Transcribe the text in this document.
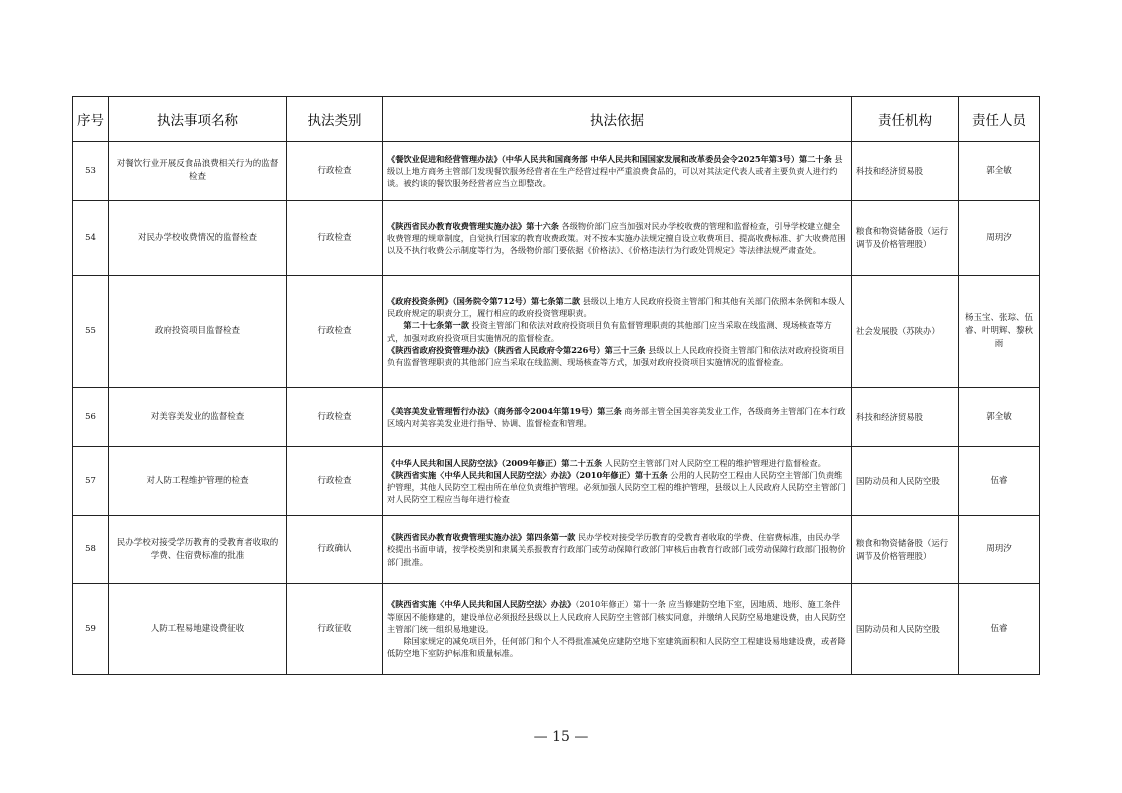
序号	执法事项名称	执法类别	执法依据	责任机构	责任人员
53	对餐饮行业开展反食品浪费相关行为的监督检查	行政检查	《餐饮业促进和经营管理办法》（中华人民共和国商务部 中华人民共和国国家发展和改革委员会令2025年第3号）第二十条 县级以上地方商务主管部门发现餐饮服务经营者在生产经营过程中严重浪费食品的，可以对其法定代表人或者主要负责人进行约谈。被约谈的餐饮服务经营者应当立即整改。	科技和经济贸易股	郭全敏
54	对民办学校收费情况的监督检查	行政检查	《陕西省民办教育收费管理实施办法》第十六条 各级物价部门应当加强对民办学校收费的管理和监督检查，引导学校建立健全收费管理的规章制度，自觉执行国家的教育收费政策。对不按本实施办法规定擅自设立收费项目、提高收费标准、扩大收费范围以及不执行收费公示制度等行为，各级物价部门要依据《价格法》、《价格违法行为行政处罚规定》等法律法规严肃查处。	粮食和物资储备股（运行调节及价格管理股）	周玥汐
55	政府投资项目监督检查	行政检查	《政府投资条例》（国务院令第712号）第七条第二款 县级以上地方人民政府投资主管部门和其他有关部门依照本条例和本级人民政府规定的职责分工，履行相应的政府投资管理职责。
第二十七条第一款 投资主管部门和依法对政府投资项目负有监督管理职责的其他部门应当采取在线监测、现场核查等方式，加强对政府投资项目实施情况的监督检查。
《陕西省政府投资管理办法》（陕西省人民政府令第226号）第三十三条 县级以上人民政府投资主管部门和依法对政府投资项目负有监督管理职责的其他部门应当采取在线监测、现场核查等方式，加强对政府投资项目实施情况的监督检查。	社会发展股（苏陕办）	杨玉宝、张琮、伍睿、叶明辉、黎秋雨
56	对美容美发业的监督检查	行政检查	《美容美发业管理暂行办法》（商务部令2004年第19号）第三条 商务部主管全国美容美发业工作，各级商务主管部门在本行政区域内对美容美发业进行指导、协调、监督检查和管理。	科技和经济贸易股	郭全敏
57	对人防工程维护管理的检查	行政检查	《中华人民共和国人民防空法》（2009年修正）第二十五条 人民防空主管部门对人民防空工程的维护管理进行监督检查。
《陕西省实施〈中华人民共和国人民防空法〉办法》（2010年修正）第十五条 公用的人民防空工程由人民防空主管部门负责维护管理，其他人民防空工程由所在单位负责维护管理。必须加强人民防空工程的维护管理，县级以上人民政府人民防空主管部门对人民防空工程应当每年进行检查	国防动员和人民防空股	伍睿
58	民办学校对接受学历教育的受教育者收取的学费、住宿费标准的批准	行政确认	《陕西省民办教育收费管理实施办法》第四条第一款 民办学校对接受学历教育的受教育者收取的学费、住宿费标准，由民办学校提出书面申请，按学校类别和隶属关系报教育行政部门或劳动保障行政部门审核后由教育行政部门或劳动保障行政部门报物价部门批准。	粮食和物资储备股（运行调节及价格管理股）	周玥汐
59	人防工程易地建设费征收	行政征收	《陕西省实施〈中华人民共和国人民防空法〉办法》（2010年修正）第十一条 应当修建防空地下室，因地质、地形、施工条件等原因不能修建的，建设单位必须报经县级以上人民政府人民防空主管部门核实同意，并缴纳人民防空易地建设费，由人民防空主管部门统一组织易地建设。
除国家规定的减免项目外，任何部门和个人不得批准减免应建防空地下室建筑面积和人民防空工程建设易地建设费，或者降低防空地下室防护标准和质量标准。	国防动员和人民防空股	伍睿
— 15 —
